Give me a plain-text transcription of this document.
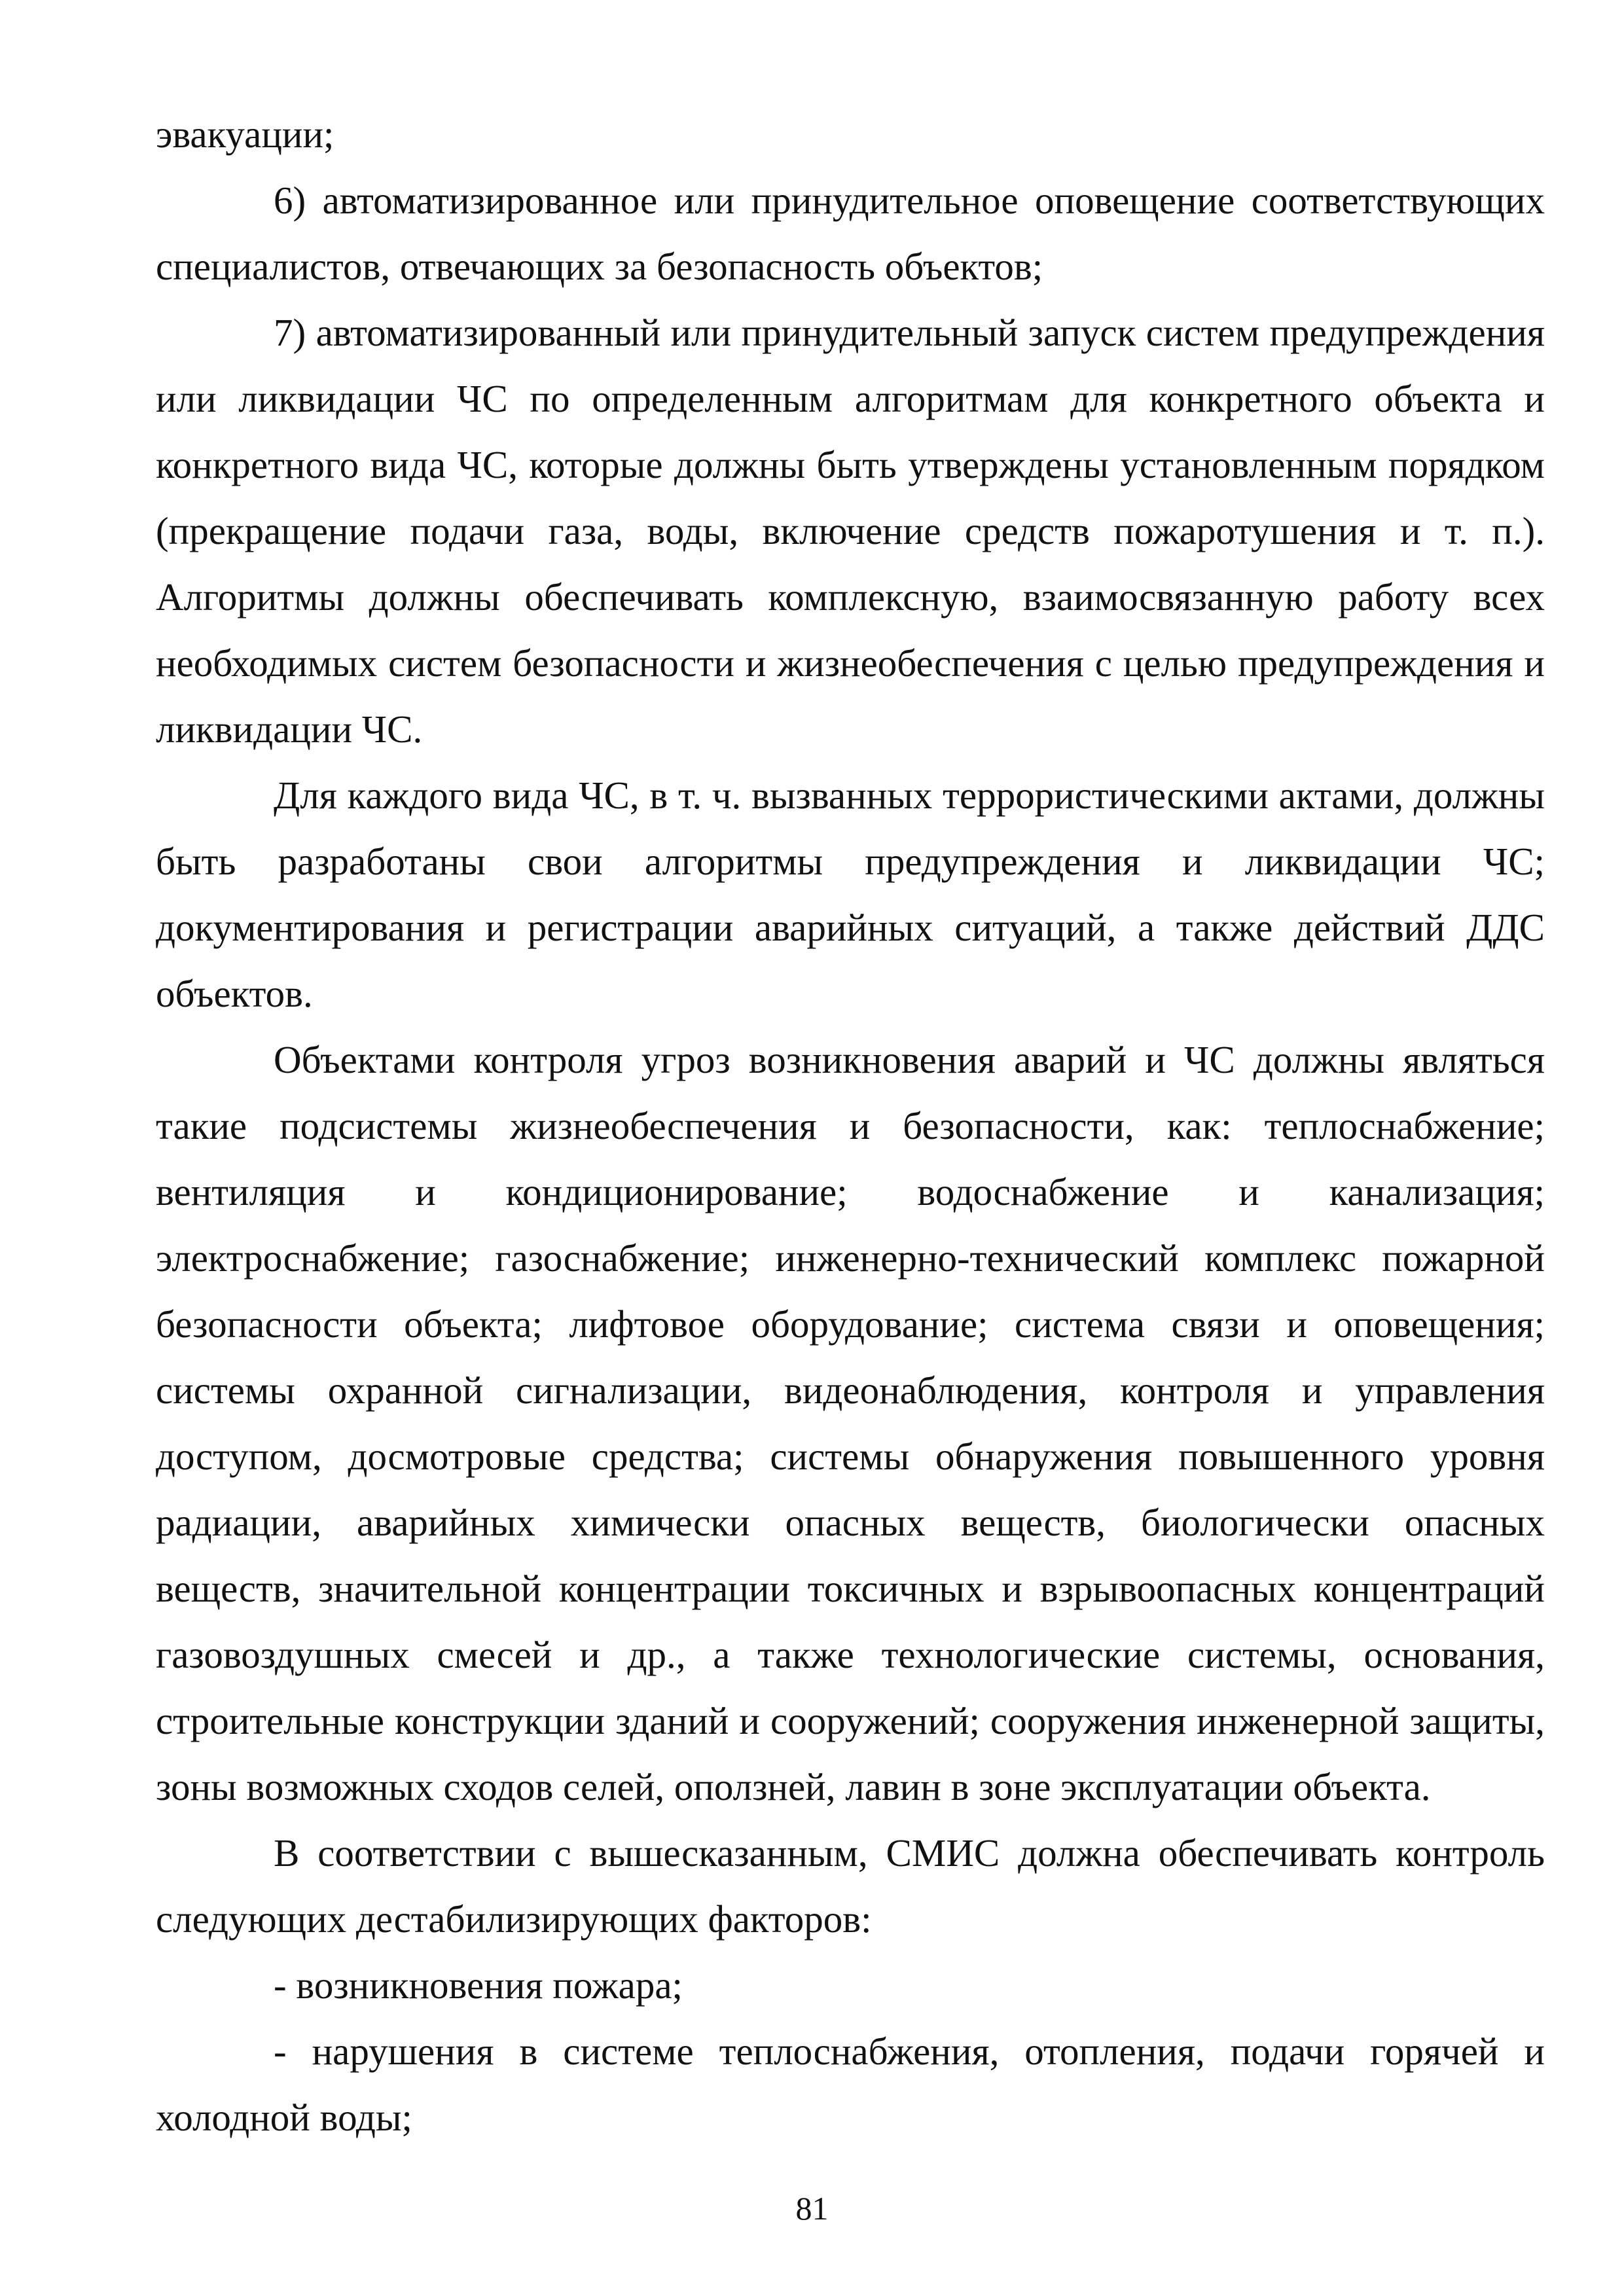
эвакуации;

6) автоматизированное или принудительное оповещение соответствующих специалистов, отвечающих за безопасность объектов;

7) автоматизированный или принудительный запуск систем предупреждения или ликвидации ЧС по определенным алгоритмам для конкретного объекта и конкретного вида ЧС, которые должны быть утверждены установленным порядком (прекращение подачи газа, воды, включение средств пожаротушения и т. п.). Алгоритмы должны обеспечивать комплексную, взаимосвязанную работу всех необходимых систем безопасности и жизнеобеспечения с целью предупреждения и ликвидации ЧС.

Для каждого вида ЧС, в т. ч. вызванных террористическими актами, должны быть разработаны свои алгоритмы предупреждения и ликвидации ЧС; документирования и регистрации аварийных ситуаций, а также действий ДДС объектов.

Объектами контроля угроз возникновения аварий и ЧС должны являться такие подсистемы жизнеобеспечения и безопасности, как: теплоснабжение; вентиляция и кондиционирование; водоснабжение и канализация; электроснабжение; газоснабжение; инженерно-технический комплекс пожарной безопасности объекта; лифтовое оборудование; система связи и оповещения; системы охранной сигнализации, видеонаблюдения, контроля и управления доступом, досмотровые средства; системы обнаружения повышенного уровня радиации, аварийных химически опасных веществ, биологически опасных веществ, значительной концентрации токсичных и взрывоопасных концентраций газовоздушных смесей и др., а также технологические системы, основания, строительные конструкции зданий и сооружений; сооружения инженерной защиты, зоны возможных сходов селей, оползней, лавин в зоне эксплуатации объекта.

В соответствии с вышесказанным, СМИС должна обеспечивать контроль следующих дестабилизирующих факторов:

- возникновения пожара;

- нарушения в системе теплоснабжения, отопления, подачи горячей и холодной воды;

81
